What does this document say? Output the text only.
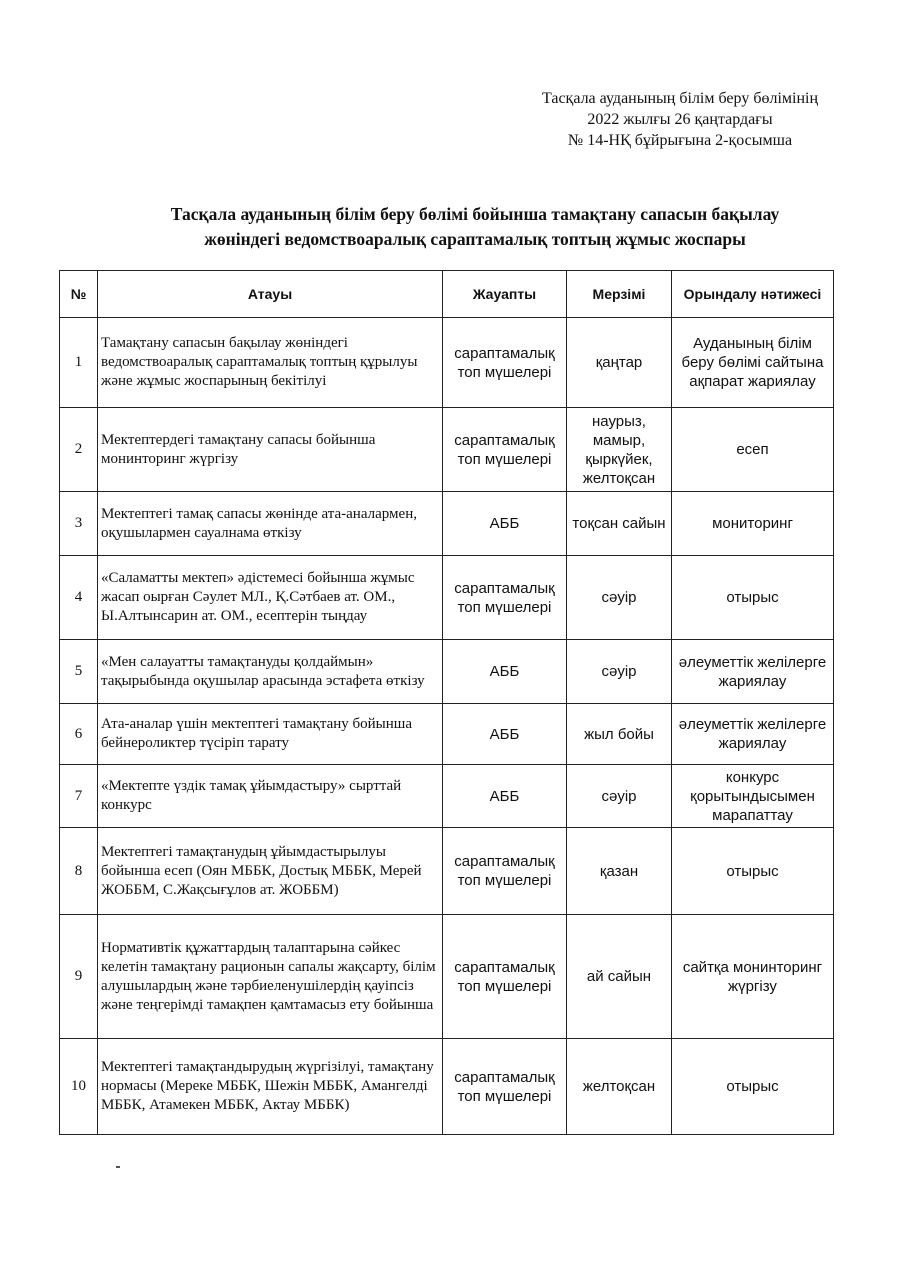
Тасқала ауданының білім беру бөлімінің
2022 жылғы 26 қаңтардағы
№ 14-НҚ бұйрығына 2-қосымша
Тасқала ауданының білім беру бөлімі бойынша тамақтану сапасын бақылау
жөніндегі ведомствоаралық сараптамалық топтың жұмыс жоспары
№	Атауы	Жауапты	Мерзімі	Орындалу нәтижесі
1	Тамақтану сапасын бақылау жөніндегі ведомствоаралық сараптамалық топтың құрылуы және жұмыс жоспарының бекітілуі	сараптамалық топ мүшелері	қаңтар	Ауданының білім беру бөлімі сайтына ақпарат жариялау
2	Мектептердегі тамақтану сапасы бойынша монинторинг жүргізу	сараптамалық топ мүшелері	наурыз, мамыр, қыркүйек, желтоқсан	есеп
3	Мектептегі тамақ сапасы жөнінде ата-аналармен, оқушылармен сауалнама өткізу	АББ	тоқсан сайын	мониторинг
4	«Саламатты мектеп» әдістемесі бойынша жұмыс жасап оырған Сәулет МЛ., Қ.Сәтбаев ат. ОМ., Ы.Алтынсарин ат. ОМ., есептерін тыңдау	сараптамалық топ мүшелері	сәуір	отырыс
5	«Мен салауатты тамақтануды қолдаймын» тақырыбында оқушылар арасында эстафета өткізу	АББ	сәуір	әлеуметтік желілерге жариялау
6	Ата-аналар үшін мектептегі тамақтану бойынша бейнероликтер түсіріп тарату	АББ	жыл бойы	әлеуметтік желілерге жариялау
7	«Мектепте үздік тамақ ұйымдастыру» сырттай конкурс	АББ	сәуір	конкурс қорытындысымен марапаттау
8	Мектептегі тамақтанудың ұйымдастырылуы бойынша есеп (Оян МББК, Достық МББК, Мерей ЖОББМ, С.Жақсығұлов ат. ЖОББМ)	сараптамалық топ мүшелері	қазан	отырыс
9	Нормативтік құжаттардың талаптарына сәйкес келетін тамақтану рационын сапалы жақсарту, білім алушылардың және тәрбиеленушілердің қауіпсіз және теңгерімді тамақпен қамтамасыз ету бойынша	сараптамалық топ мүшелері	ай сайын	сайтқа монинторинг жүргізу
10	Мектептегі тамақтандырудың жүргізілуі, тамақтану нормасы (Мереке МББК, Шежін МББК, Амангелді МББК, Атамекен МББК, Актау МББК)	сараптамалық топ мүшелері	желтоқсан	отырыс
